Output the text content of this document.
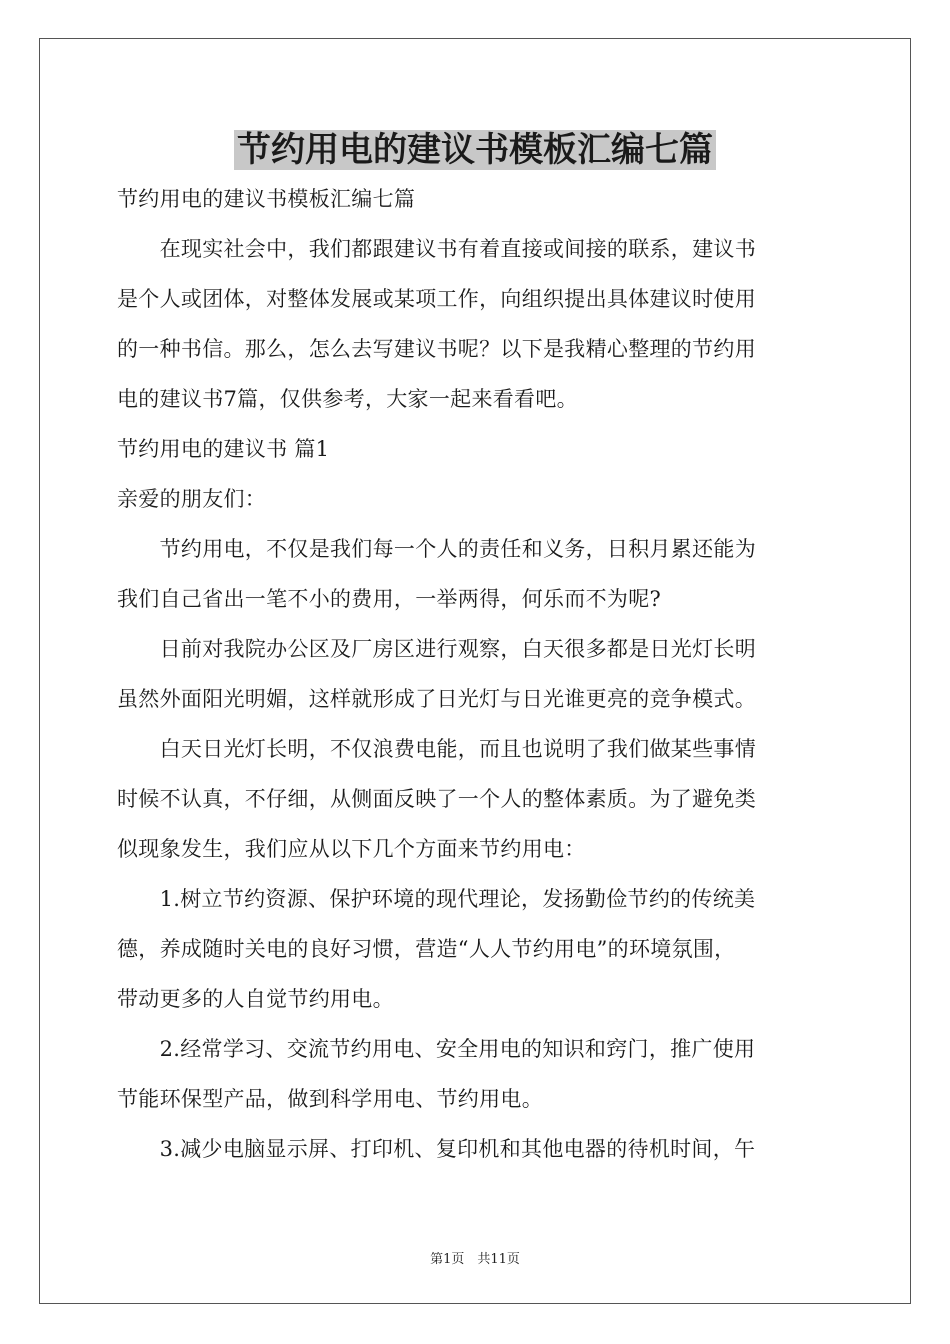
节约用电的建议书模板汇编七篇
节约用电的建议书模板汇编七篇
　　在现实社会中，我们都跟建议书有着直接或间接的联系，建议书
是个人或团体，对整体发展或某项工作，向组织提出具体建议时使用
的一种书信。那么，怎么去写建议书呢？以下是我精心整理的节约用
电的建议书7篇，仅供参考，大家一起来看看吧。
节约用电的建议书 篇1
亲爱的朋友们：
　　节约用电，不仅是我们每一个人的责任和义务，日积月累还能为
我们自己省出一笔不小的费用，一举两得，何乐而不为呢?
　　日前对我院办公区及厂房区进行观察，白天很多都是日光灯长明
虽然外面阳光明媚，这样就形成了日光灯与日光谁更亮的竞争模式。
　　白天日光灯长明，不仅浪费电能，而且也说明了我们做某些事情
时候不认真，不仔细，从侧面反映了一个人的整体素质。为了避免类
似现象发生，我们应从以下几个方面来节约用电：
　　1.树立节约资源、保护环境的现代理论，发扬勤俭节约的传统美
德，养成随时关电的良好习惯，营造“人人节约用电”的环境氛围，
带动更多的人自觉节约用电。
　　2.经常学习、交流节约用电、安全用电的知识和窍门，推广使用
节能环保型产品，做到科学用电、节约用电。
　　3.减少电脑显示屏、打印机、复印机和其他电器的待机时间，午
第1页　共11页
